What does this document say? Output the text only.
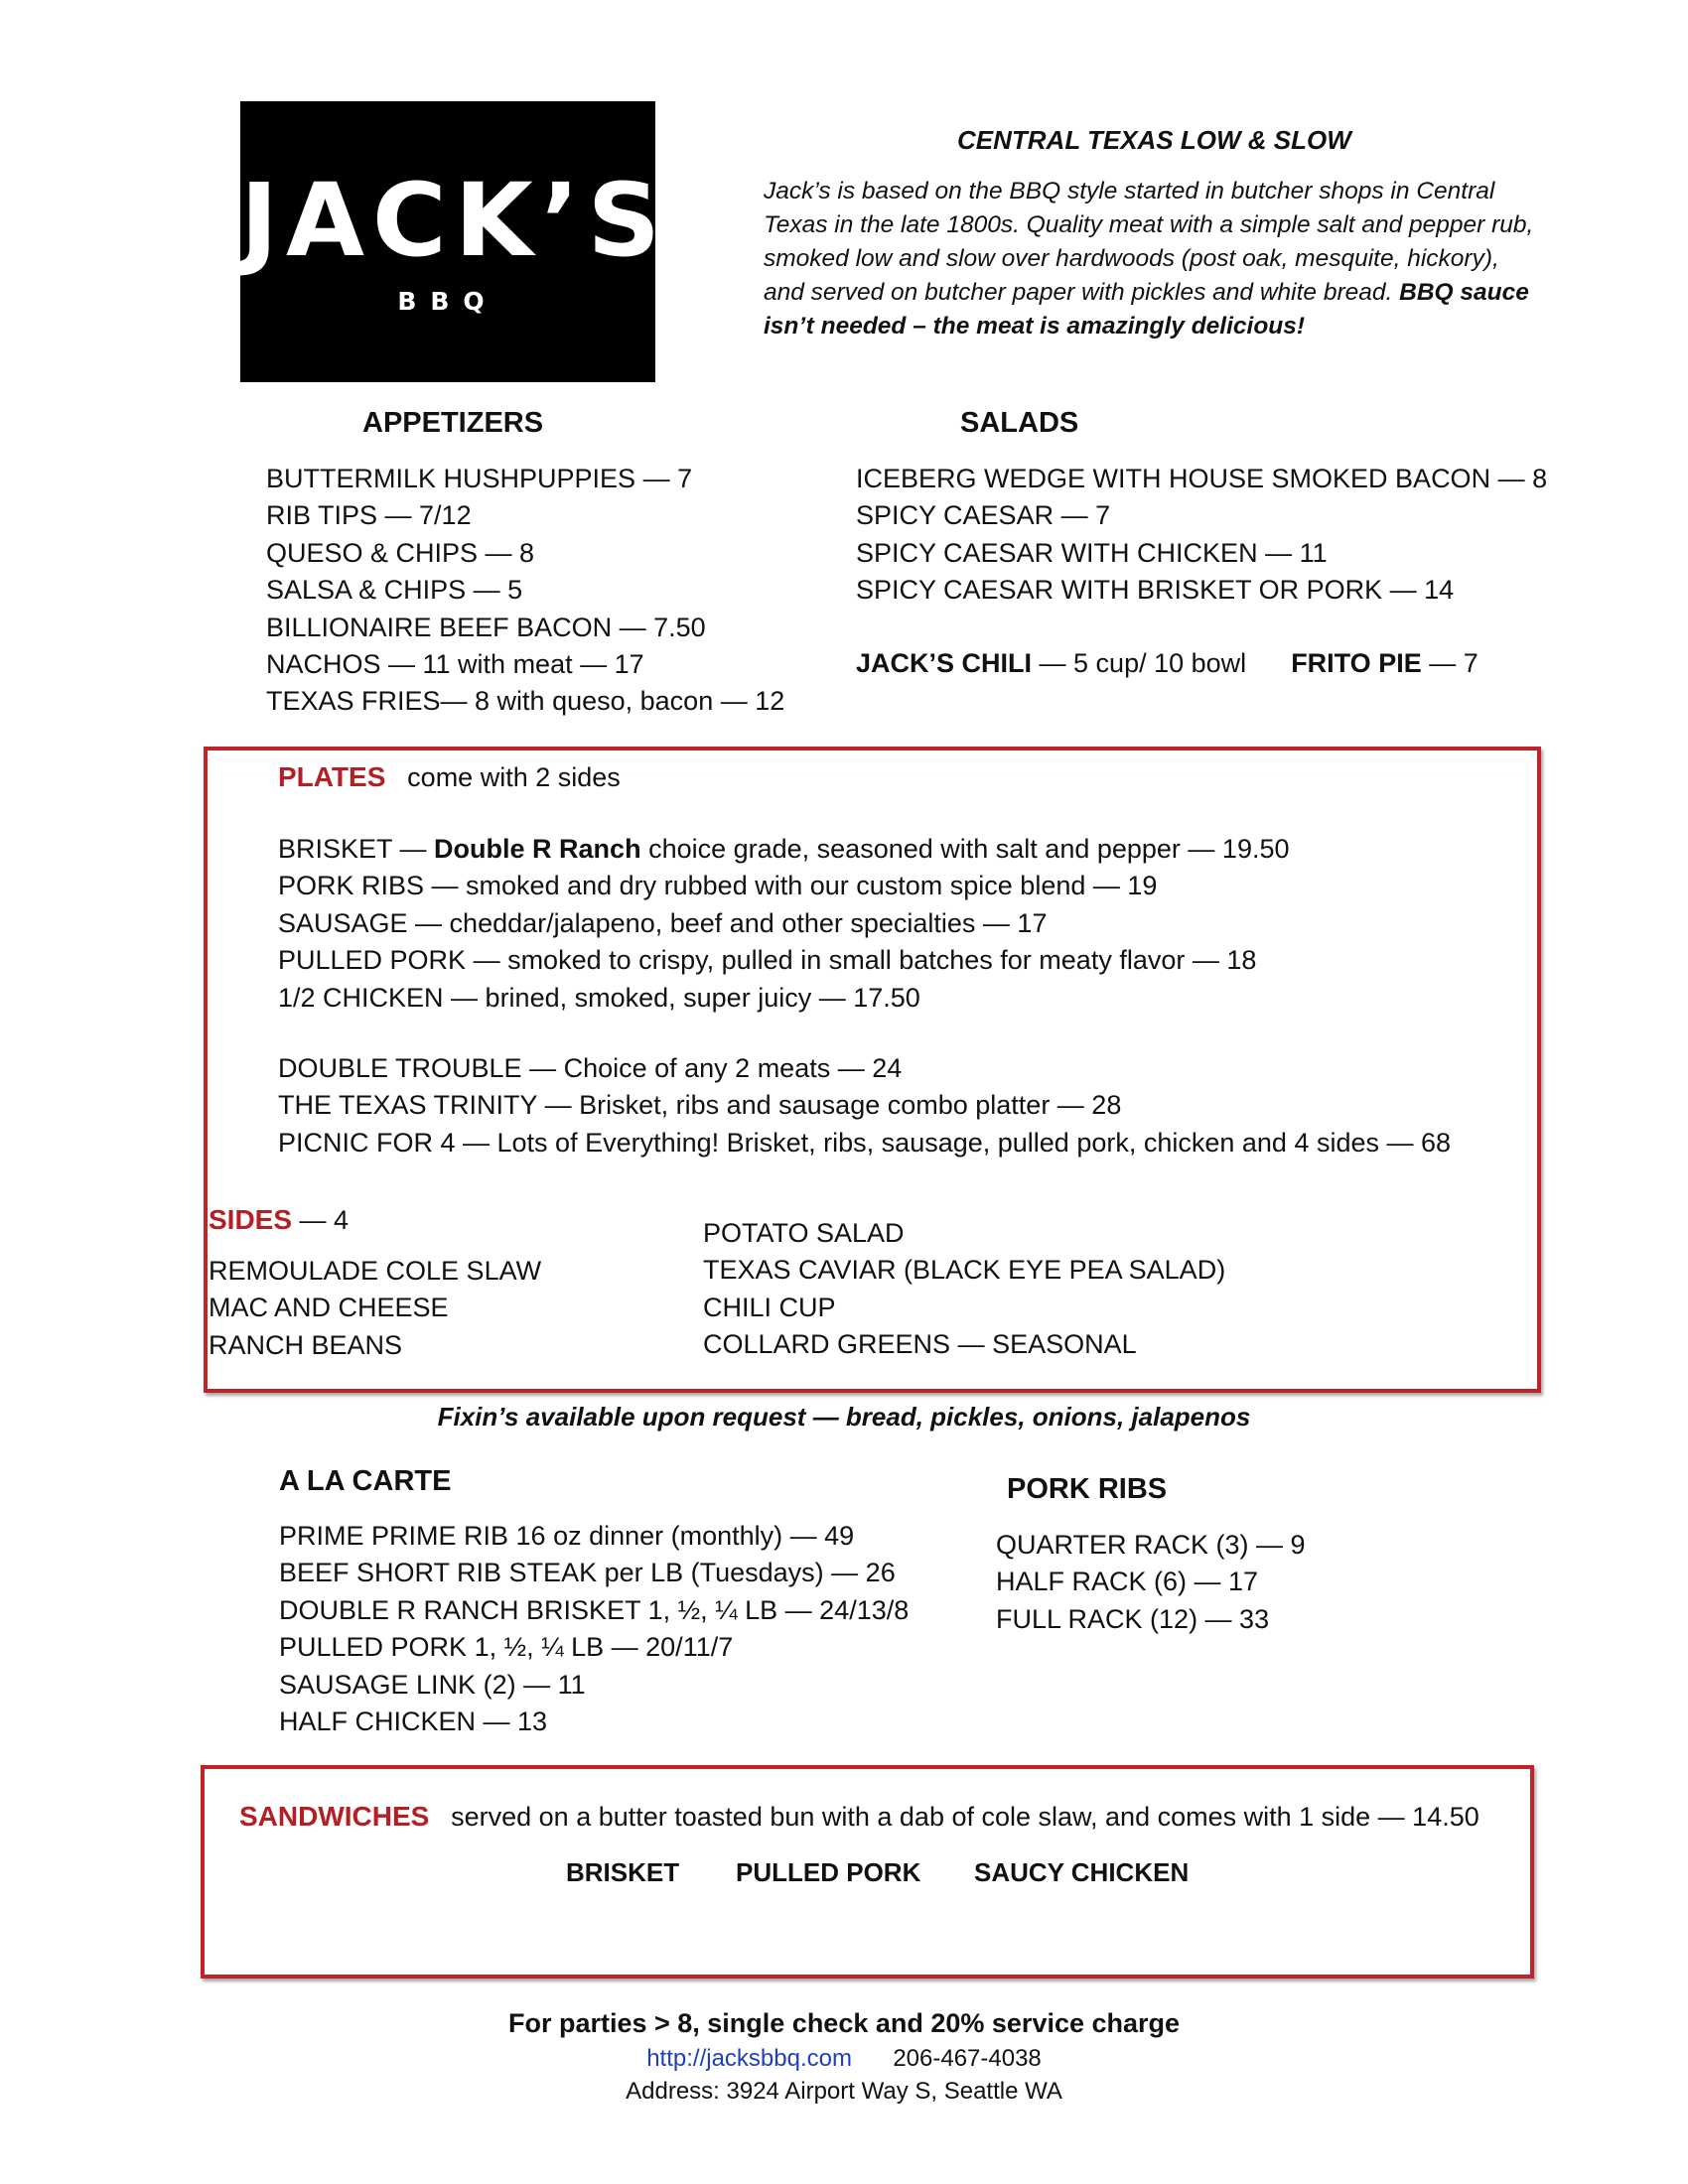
JACK’S
BBQ
CENTRAL TEXAS LOW & SLOW
Jack’s is based on the BBQ style started in butcher shops in Central Texas in the late 1800s. Quality meat with a simple salt and pepper rub, smoked low and slow over hardwoods (post oak, mesquite, hickory), and served on butcher paper with pickles and white bread. BBQ sauce isn’t needed – the meat is amazingly delicious!
APPETIZERS
BUTTERMILK HUSHPUPPIES — 7
RIB TIPS — 7/12
QUESO & CHIPS — 8
SALSA & CHIPS — 5
BILLIONAIRE BEEF BACON — 7.50
NACHOS — 11 with meat — 17
TEXAS FRIES— 8 with queso, bacon — 12
SALADS
ICEBERG WEDGE WITH HOUSE SMOKED BACON — 8
SPICY CAESAR — 7
SPICY CAESAR WITH CHICKEN — 11
SPICY CAESAR WITH BRISKET OR PORK — 14
JACK’S CHILI — 5 cup/ 10 bowl FRITO PIE — 7
PLATES come with 2 sides
BRISKET — Double R Ranch choice grade, seasoned with salt and pepper — 19.50
PORK RIBS — smoked and dry rubbed with our custom spice blend — 19
SAUSAGE — cheddar/jalapeno, beef and other specialties — 17
PULLED PORK — smoked to crispy, pulled in small batches for meaty flavor — 18
1/2 CHICKEN — brined, smoked, super juicy — 17.50
DOUBLE TROUBLE — Choice of any 2 meats — 24
THE TEXAS TRINITY — Brisket, ribs and sausage combo platter — 28
PICNIC FOR 4 — Lots of Everything! Brisket, ribs, sausage, pulled pork, chicken and 4 sides — 68
SIDES — 4
REMOULADE COLE SLAW
MAC AND CHEESE
RANCH BEANS
POTATO SALAD
TEXAS CAVIAR (BLACK EYE PEA SALAD)
CHILI CUP
COLLARD GREENS — SEASONAL
Fixin’s available upon request — bread, pickles, onions, jalapenos
A LA CARTE
PRIME PRIME RIB 16 oz dinner (monthly) — 49
BEEF SHORT RIB STEAK per LB (Tuesdays) — 26
DOUBLE R RANCH BRISKET 1, ½, ¼ LB — 24/13/8
PULLED PORK 1, ½, ¼ LB — 20/11/7
SAUSAGE LINK (2) — 11
HALF CHICKEN — 13
PORK RIBS
QUARTER RACK (3) — 9
HALF RACK (6) — 17
FULL RACK (12) — 33
SANDWICHES served on a butter toasted bun with a dab of cole slaw, and comes with 1 side — 14.50
BRISKET PULLED PORK SAUCY CHICKEN
For parties > 8, single check and 20% service charge
http://jacksbbq.com 206-467-4038
Address: 3924 Airport Way S, Seattle WA
